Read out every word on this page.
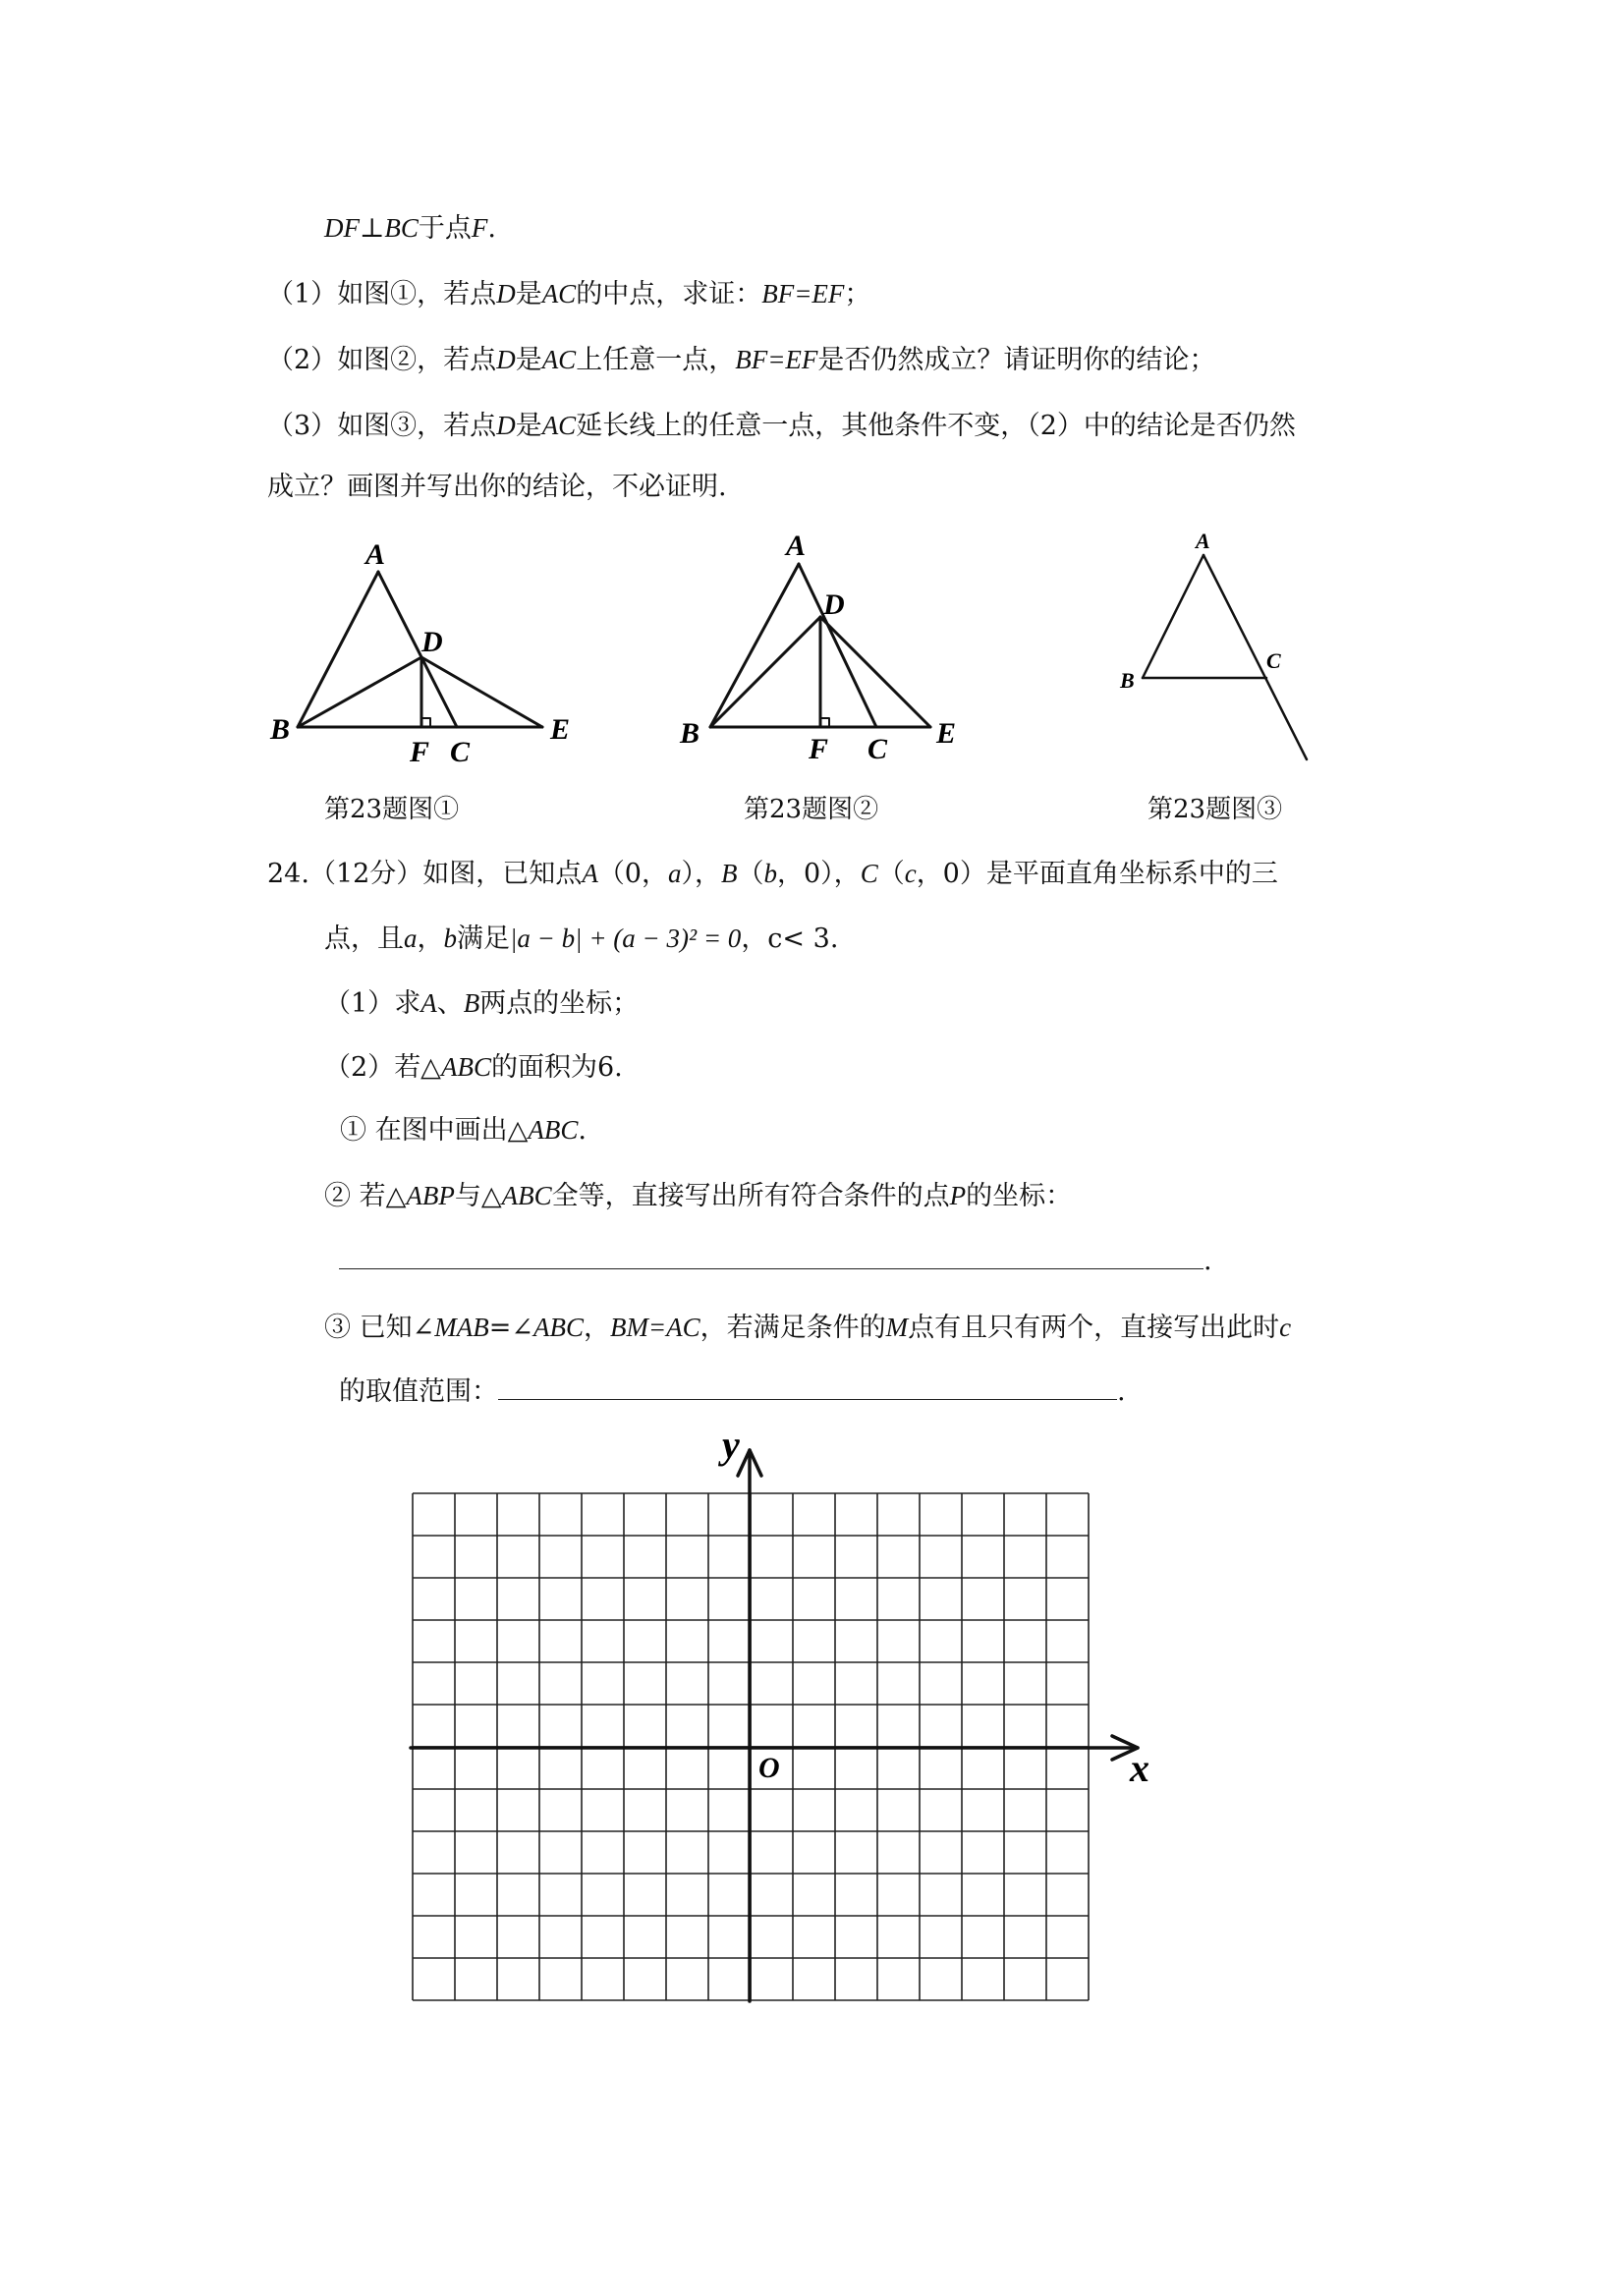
DF⊥BC于点F.
（1）如图①，若点D是AC的中点，求证：BF=EF；
（2）如图②，若点D是AC上任意一点，BF=EF是否仍然成立？请证明你的结论；
（3）如图③，若点D是AC延长线上的任意一点，其他条件不变，（2）中的结论是否仍然
成立？画图并写出你的结论，不必证明.
A
D
B
F C
E
A
D
B	F C E
A
B
C
第23题图①	第23题图②	第23题图③
24.（12分）如图，已知点A（0，a），B（b，0），C（c，0）是平面直角坐标系中的三
点，且a，b满足|a − b| + (a − 3)² = 0，c< 3.
（1）求A、B两点的坐标；
（2）若△ABC的面积为6.
① 在图中画出△ABC.
② 若△ABP与△ABC全等，直接写出所有符合条件的点P的坐标：
.
③ 已知∠MAB=∠ABC，BM=AC，若满足条件的M点有且只有两个，直接写出此时c
的取值范围：	.
x
y
O
